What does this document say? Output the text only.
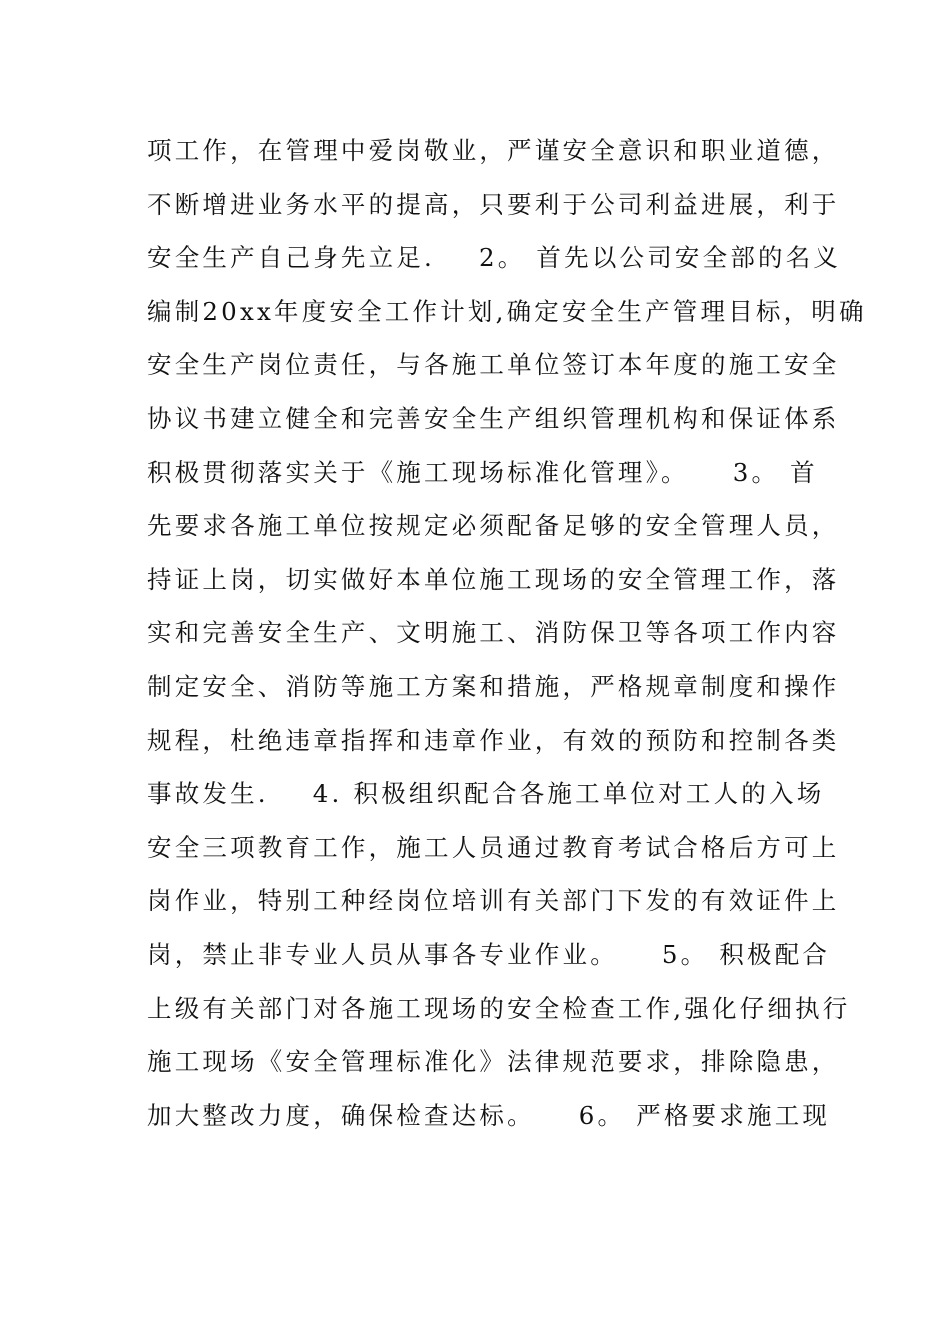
项工作，在管理中爱岗敬业，严谨安全意识和职业道德，
不断增进业务水平的提高，只要利于公司利益进展，利于
安全生产自己身先立足.    2。 首先以公司安全部的名义
编制20xx年度安全工作计划,确定安全生产管理目标，明确
安全生产岗位责任，与各施工单位签订本年度的施工安全
协议书建立健全和完善安全生产组织管理机构和保证体系
积极贯彻落实关于《施工现场标准化管理》。    3。 首
先要求各施工单位按规定必须配备足够的安全管理人员，
持证上岗，切实做好本单位施工现场的安全管理工作，落
实和完善安全生产、文明施工、消防保卫等各项工作内容
制定安全、消防等施工方案和措施，严格规章制度和操作
规程，杜绝违章指挥和违章作业，有效的预防和控制各类
事故发生.    4. 积极组织配合各施工单位对工人的入场
安全三项教育工作，施工人员通过教育考试合格后方可上
岗作业，特别工种经岗位培训有关部门下发的有效证件上
岗，禁止非专业人员从事各专业作业。    5。 积极配合
上级有关部门对各施工现场的安全检查工作,强化仔细执行
施工现场《安全管理标准化》法律规范要求，排除隐患，
加大整改力度，确保检查达标。    6。 严格要求施工现
